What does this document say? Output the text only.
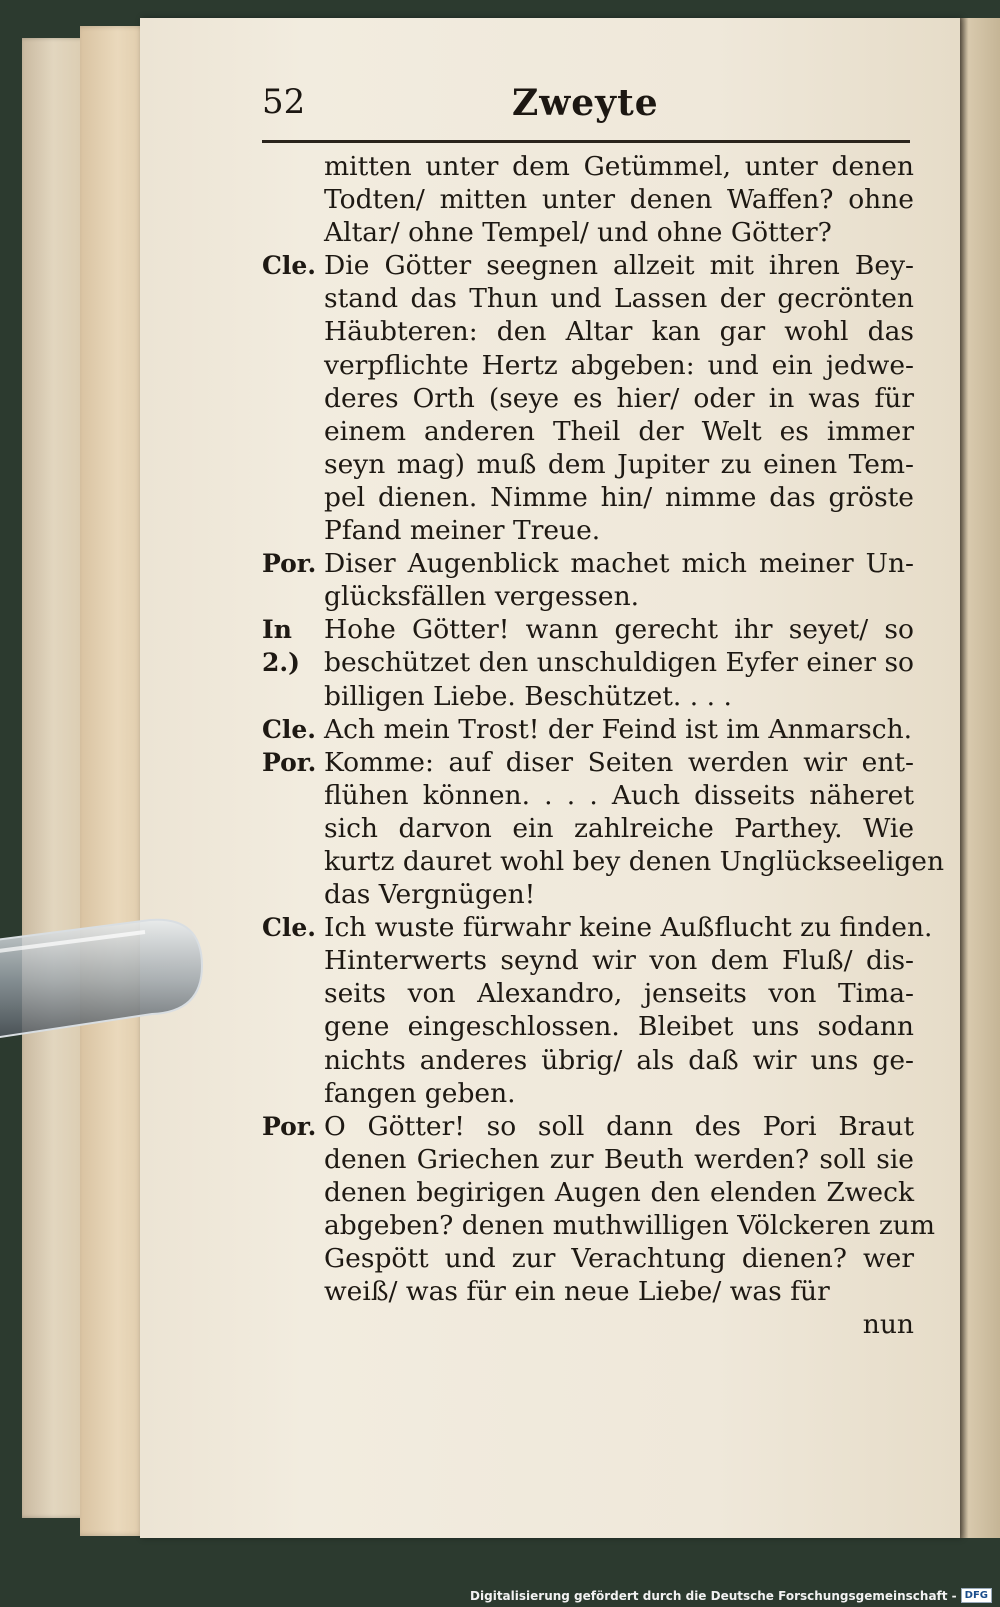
52	Zweyte
mitten unter dem Getümmel, unter denen
Todten/ mitten unter denen Waffen? ohne
Altar/ ohne Tempel/ und ohne Götter?
Cle. Die Götter seegnen allzeit mit ihren Bey-
stand das Thun und Lassen der gecrönten
Häubteren: den Altar kan gar wohl das
verpflichte Hertz abgeben: und ein jedwe-
deres Orth (seye es hier/ oder in was für
einem anderen Theil der Welt es immer
seyn mag) muß dem Jupiter zu einen Tem-
pel dienen. Nimme hin/ nimme das gröste
Pfand meiner Treue.
Por. Diser Augenblick machet mich meiner Un-
glücksfällen vergessen.
In 2.)
Hohe Götter! wann gerecht ihr seyet/ so
beschützet den unschuldigen Eyfer einer so
billigen Liebe. Beschützet. . . .
Cle. Ach mein Trost! der Feind ist im Anmarsch.
Por. Komme: auf diser Seiten werden wir ent-
flühen können. . . . Auch disseits näheret
sich darvon ein zahlreiche Parthey. Wie
kurtz dauret wohl bey denen Unglückseeligen
das Vergnügen!
Cle. Ich wuste fürwahr keine Außflucht zu finden.
Hinterwerts seynd wir von dem Fluß/ dis-
seits von Alexandro, jenseits von Tima-
gene eingeschlossen. Bleibet uns sodann
nichts anderes übrig/ als daß wir uns ge-
fangen geben.
Por. O Götter! so soll dann des Pori Braut
denen Griechen zur Beuth werden? soll sie
denen begirigen Augen den elenden Zweck
abgeben? denen muthwilligen Völckeren zum
Gespött und zur Verachtung dienen? wer
weiß/ was für ein neue Liebe/ was für
nun
Digitalisierung gefördert durch die Deutsche Forschungsgemeinschaft - DFG
